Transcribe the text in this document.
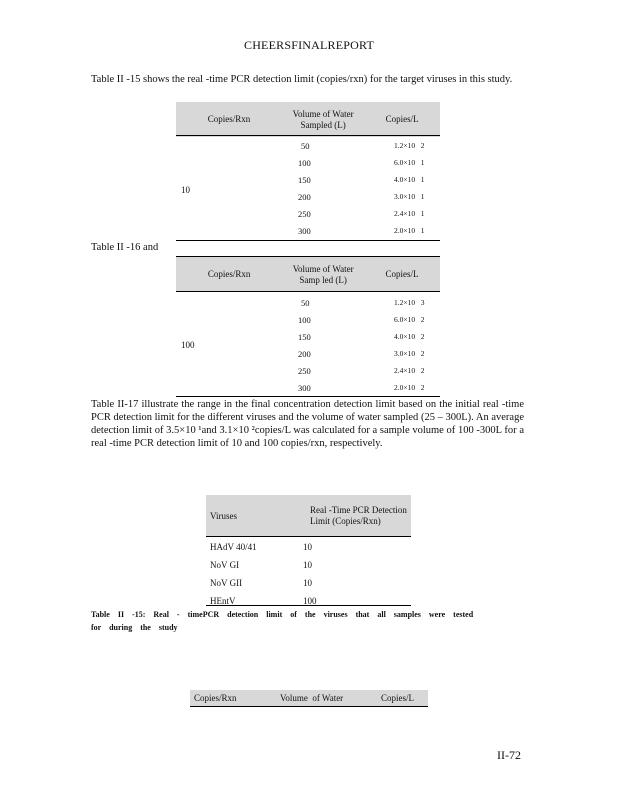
CHEERSFINALREPORT
Table II -15 shows the real -time PCR detection limit (copies/rxn) for the target viruses in this study.
Copies/Rxn	Volume of Water Sampled (L)	Copies/L
10
50	1.2×10   2
100	6.0×10   1
150	4.0×10   1
200	3.0×10   1
250	2.4×10   1
300	2.0×10   1
Table II -16 and
Copies/Rxn	Volume of Water Samp led (L)	Copies/L
100
50	1.2×10   3
100	6.0×10   2
150	4.0×10   2
200	3.0×10   2
250	2.4×10   2
300	2.0×10   2
Table II-17 illustrate the range in the final concentration detection limit based on the initial real -time PCR detection limit for the different viruses and the volume of water sampled (25 – 300L). An average detection limit of 3.5×10 ¹and 3.1×10 ²copies/L was calculated for a sample volume of 100 -300L for a real -time PCR detection limit of 10 and 100 copies/rxn, respectively.
Viruses	Real -Time PCR Detection Limit (Copies/Rxn)
HAdV 40/41	10
NoV GI	10
NoV GII	10
HEntV	100
Table II -15: Real - timePCR detection limit of the viruses that all samples were tested for during the study
Copies/Rxn	Volume  of Water	Copies/L
II-72
